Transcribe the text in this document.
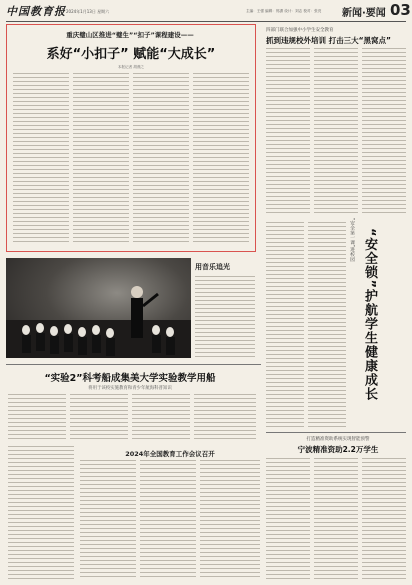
中国教育报 2024年1月13日 星期六	主编：王强 编辑：郭潇 设计：刘志 校对：张亮 新闻·要闻 03
重庆璧山区推进“璧生”“扣子”课程建设——
系好“小扣子” 赋能“大成长”
本报记者 胡鼎之
四部门联合加强中小学生安全教育
抓到违规校外培训 打击三大“黑窝点”
用音乐追光
“安全第一课”进校园 “安全锁”护航学生健康成长
“实验2”科考船成集美大学实验教学用船
将用于该校实施教育和青少年航海科普知识
2024年全国教育工作会议召开
打造精准资助系统实现智能预警
宁波精准资助2.2万学生
